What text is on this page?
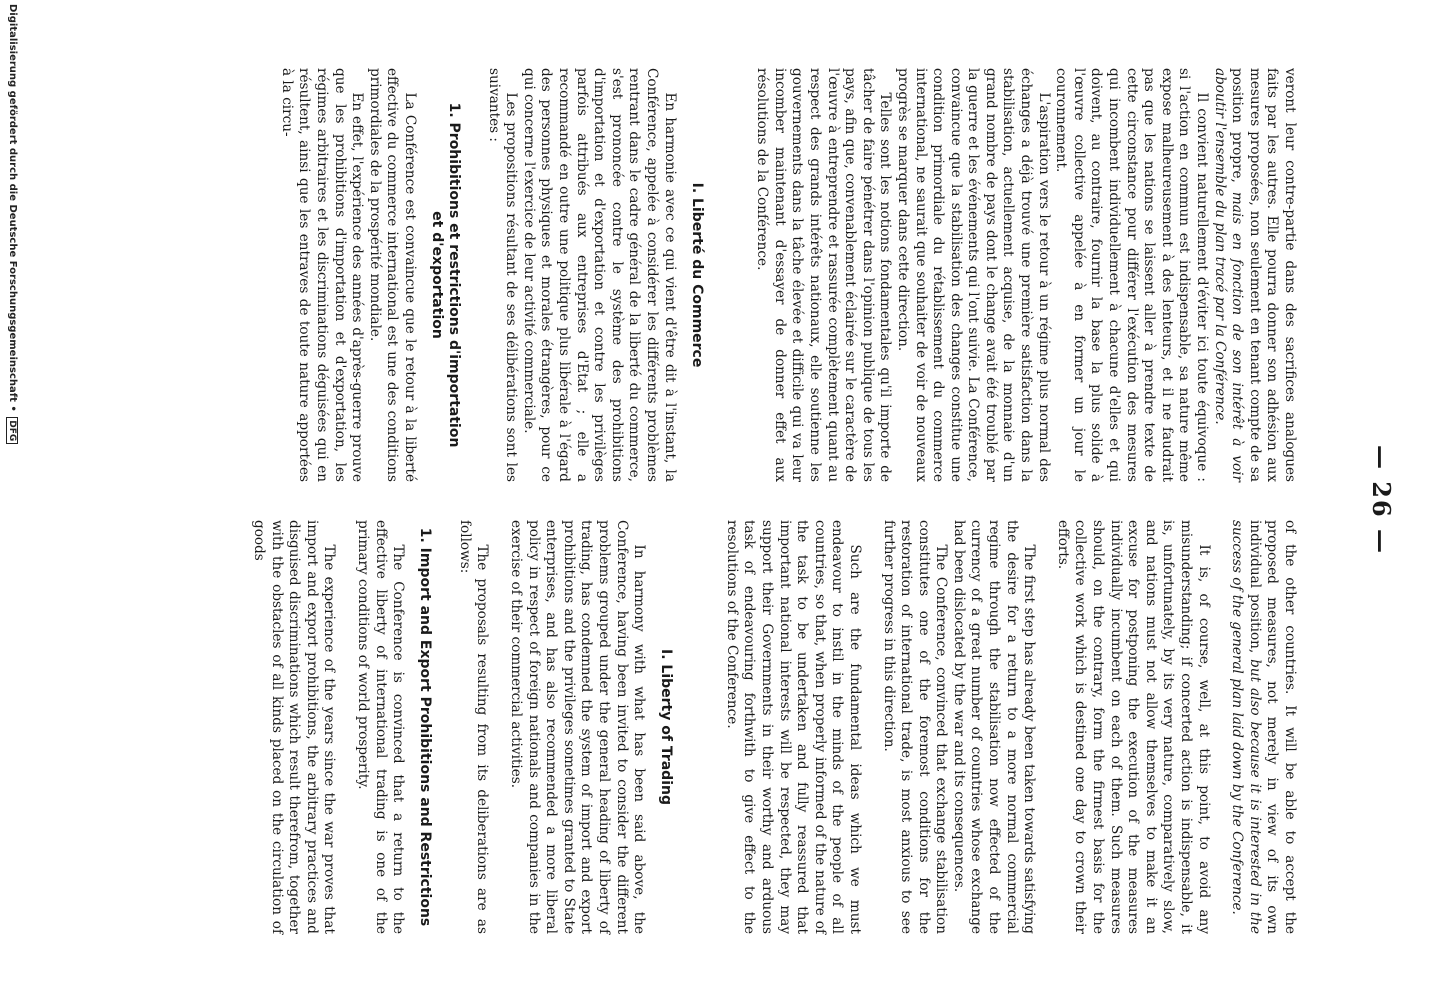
— 26 —

veront leur contre-partie dans des sacrifices analogues faits par les autres. Elle pourra donner son adhésion aux mesures proposées, non seulement en tenant compte de sa position propre, mais en fonction de son intérêt à voir aboutir l'ensemble du plan tracé par la Conférence.

Il convient naturellement d'éviter ici toute équivoque : si l'action en commun est indispensable, sa nature même expose malheureusement à des lenteurs, et il ne faudrait pas que les nations se laissent aller à prendre texte de cette circonstance pour différer l'exécution des mesures qui incombent individuellement à chacune d'elles et qui doivent, au contraire, fournir la base la plus solide à l'œuvre collective appelée à en former un jour le couronnement.

L'aspiration vers le retour à un régime plus normal des échanges a déjà trouvé une première satisfaction dans la stabilisation, actuellement acquise, de la monnaie d'un grand nombre de pays dont le change avait été troublé par la guerre et les événements qui l'ont suivie. La Conférence, convaincue que la stabilisation des changes constitue une condition primordiale du rétablissement du commerce international, ne saurait que souhaiter de voir de nouveaux progrès se marquer dans cette direction.

Telles sont les notions fondamentales qu'il importe de tâcher de faire pénétrer dans l'opinion publique de tous les pays, afin que, convenablement éclairée sur le caractère de l'œuvre à entreprendre et rassurée complètement quant au respect des grands intérêts nationaux, elle soutienne les gouvernements dans la tâche élevée et difficile qui va leur incomber maintenant d'essayer de donner effet aux résolutions de la Conférence.

I. Liberté du Commerce

En harmonie avec ce qui vient d'être dit à l'instant, la Conférence, appelée à considérer les différents problèmes rentrant dans le cadre général de la liberté du commerce, s'est prononcée contre le système des prohibitions d'importation et d'exportation et contre les privilèges parfois attribués aux entreprises d'Etat ; elle a recommandé en outre une politique plus libérale à l'égard des personnes physiques et morales étrangères, pour ce qui concerne l'exercice de leur activité commerciale.

Les propositions résultant de ses délibérations sont les suivantes :

1. Prohibitions et restrictions d'importation
et d'exportation

La Conférence est convaincue que le retour à la liberté effective du commerce international est une des conditions primordiales de la prospérité mondiale.

En effet, l'expérience des années d'après-guerre prouve que les prohibitions d'importation et d'exportation, les régimes arbitraires et les discriminations déguisées qui en résultent, ainsi que les entraves de toute nature apportées à la circu-

of the other countries. It will be able to accept the proposed measures, not merely in view of its own individual position, but also because it is interested in the success of the general plan laid down by the Conference.

It is, of course, well, at this point, to avoid any misunderstanding; if concerted action is indispensable, it is, unfortunately, by its very nature, comparatively slow, and nations must not allow themselves to make it an excuse for postponing the execution of the measures individually incumbent on each of them. Such measures should, on the contrary, form the firmest basis for the collective work which is destined one day to crown their efforts.

The first step has already been taken towards satisfying the desire for a return to a more normal commercial regime through the stabilisation now effected of the currency of a great number of countries whose exchange had been dislocated by the war and its consequences.

The Conference, convinced that exchange stabilisation constitutes one of the foremost conditions for the restoration of international trade, is most anxious to see further progress in this direction.

Such are the fundamental ideas which we must endeavour to instil in the minds of the people of all countries, so that, when properly informed of the nature of the task to be undertaken and fully reassured that important national interests will be respected, they may support their Governments in their worthy and arduous task of endeavouring forthwith to give effect to the resolutions of the Conference.

I. Liberty of Trading

In harmony with what has been said above, the Conference, having been invited to consider the different problems grouped under the general heading of liberty of trading, has condemned the system of import and export prohibitions and the privileges sometimes granted to State enterprises, and has also recommended a more liberal policy in respect of foreign nationals and companies in the exercise of their commercial activities.

The proposals resulting from its deliberations are as follows:

1. Import and Export Prohibitions and Restrictions

The Conference is convinced that a return to the effective liberty of international trading is one of the primary conditions of world prosperity.

The experience of the years since the war proves that import and export prohibitions, the arbitrary practices and disguised discriminations which result therefrom, together with the obstacles of all kinds placed on the circulation of goods

Digitalisierung gefördert durch die Deutsche Forschungsgemeinschaft • DFG
